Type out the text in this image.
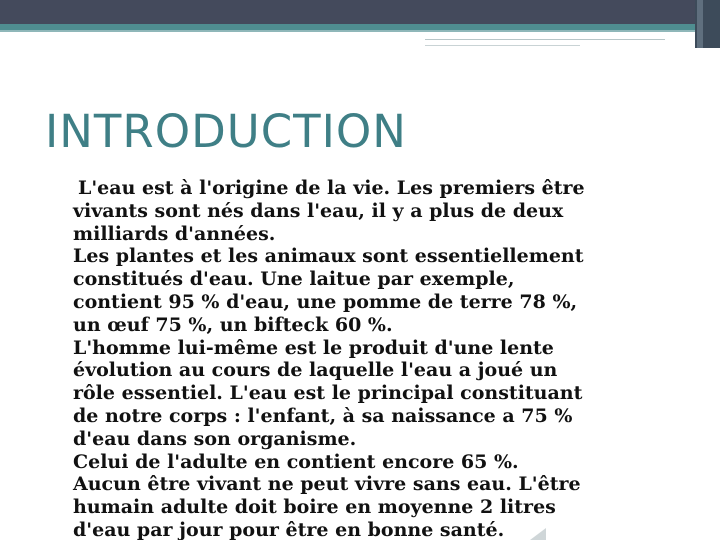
INTRODUCTION
L'eau est à l'origine de la vie. Les premiers être
vivants sont nés dans l'eau, il y a plus de deux
milliards d'années.
Les plantes et les animaux sont essentiellement
constitués d'eau. Une laitue par exemple,
contient 95 % d'eau, une pomme de terre 78 %,
un œuf 75 %, un bifteck 60 %.
L'homme lui-même est le produit d'une lente
évolution au cours de laquelle l'eau a joué un
rôle essentiel. L'eau est le principal constituant
de notre corps : l'enfant, à sa naissance a 75 %
d'eau dans son organisme.
Celui de l'adulte en contient encore 65 %.
Aucun être vivant ne peut vivre sans eau. L'être
humain adulte doit boire en moyenne 2 litres
d'eau par jour pour être en bonne santé.
